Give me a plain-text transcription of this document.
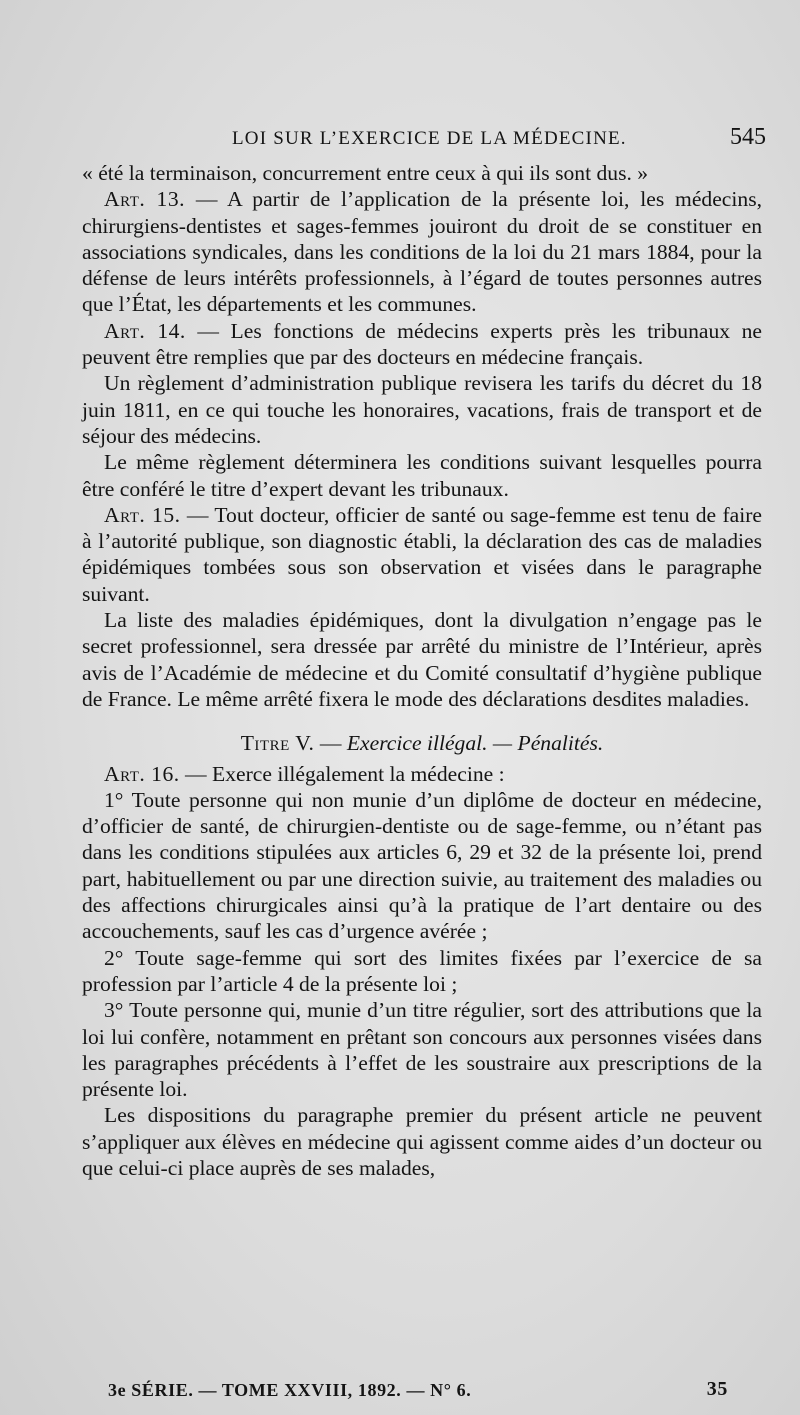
LOI SUR L’EXERCICE DE LA MÉDECINE.	545

« été la terminaison, concurrement entre ceux à qui ils sont dus. »

Art. 13. — A partir de l’application de la présente loi, les médecins, chirurgiens-dentistes et sages-femmes jouiront du droit de se constituer en associations syndicales, dans les conditions de la loi du 21 mars 1884, pour la défense de leurs intérêts professionnels, à l’égard de toutes personnes autres que l’État, les départements et les communes.

Art. 14. — Les fonctions de médecins experts près les tribunaux ne peuvent être remplies que par des docteurs en médecine français.

Un règlement d’administration publique revisera les tarifs du décret du 18 juin 1811, en ce qui touche les honoraires, vacations, frais de transport et de séjour des médecins.

Le même règlement déterminera les conditions suivant lesquelles pourra être conféré le titre d’expert devant les tribunaux.

Art. 15. — Tout docteur, officier de santé ou sage-femme est tenu de faire à l’autorité publique, son diagnostic établi, la déclaration des cas de maladies épidémiques tombées sous son observation et visées dans le paragraphe suivant.

La liste des maladies épidémiques, dont la divulgation n’engage pas le secret professionnel, sera dressée par arrêté du ministre de l’Intérieur, après avis de l’Académie de médecine et du Comité consultatif d’hygiène publique de France. Le même arrêté fixera le mode des déclarations desdites maladies.

Titre V. — Exercice illégal. — Pénalités.

Art. 16. — Exerce illégalement la médecine :

1° Toute personne qui non munie d’un diplôme de docteur en médecine, d’officier de santé, de chirurgien-dentiste ou de sage-femme, ou n’étant pas dans les conditions stipulées aux articles 6, 29 et 32 de la présente loi, prend part, habituellement ou par une direction suivie, au traitement des maladies ou des affections chirurgicales ainsi qu’à la pratique de l’art dentaire ou des accouchements, sauf les cas d’urgence avérée ;

2° Toute sage-femme qui sort des limites fixées par l’exercice de sa profession par l’article 4 de la présente loi ;

3° Toute personne qui, munie d’un titre régulier, sort des attributions que la loi lui confère, notamment en prêtant son concours aux personnes visées dans les paragraphes précédents à l’effet de les soustraire aux prescriptions de la présente loi.

Les dispositions du paragraphe premier du présent article ne peuvent s’appliquer aux élèves en médecine qui agissent comme aides d’un docteur ou que celui-ci place auprès de ses malades,

3e SÉRIE. — TOME XXVIII, 1892. — N° 6.	35
